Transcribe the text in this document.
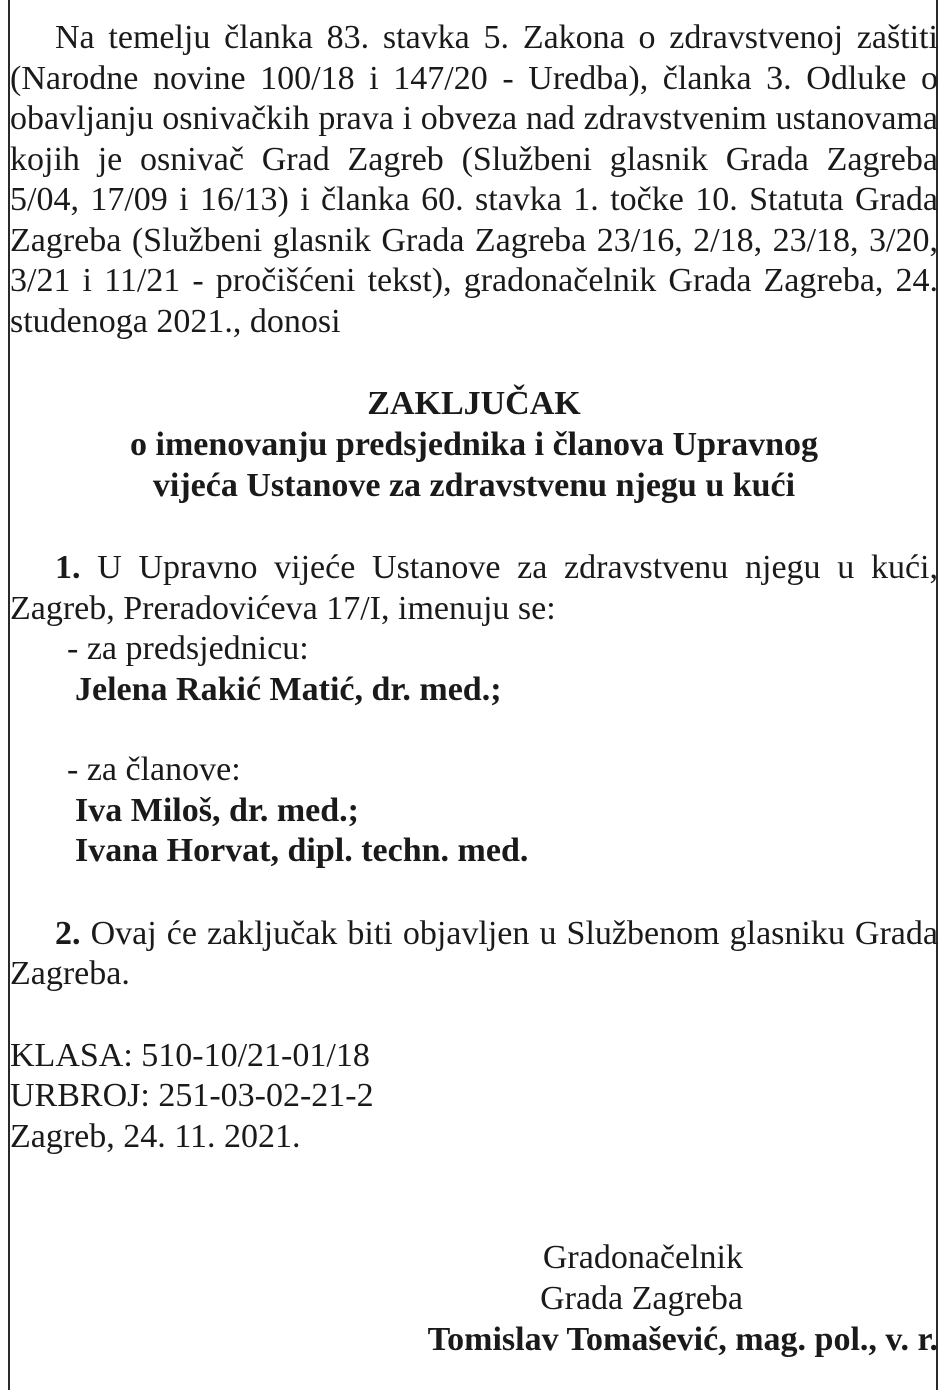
Na temelju članka 83. stavka 5. Zakona o zdravstvenoj zaštiti (Narodne novine 100/18 i 147/20 - Uredba), članka 3. Odluke o obavljanju osnivačkih prava i obveza nad zdravstvenim ustanovama kojih je osnivač Grad Zagreb (Službeni glasnik Grada Zagreba 5/04, 17/09 i 16/13) i članka 60. stavka 1. točke 10. Statuta Grada Zagreba (Službeni glasnik Grada Zagreba 23/16, 2/18, 23/18, 3/20, 3/21 i 11/21 - pročišćeni tekst), gradonačelnik Grada Zagreba, 24. studenoga 2021., donosi

ZAKLJUČAK
o imenovanju predsjednika i članova Upravnog
vijeća Ustanove za zdravstvenu njegu u kući
1. U Upravno vijeće Ustanove za zdravstvenu njegu u kući, Zagreb, Preradovićeva 17/I, imenuju se:
- za predsjednicu:
Jelena Rakić Matić, dr. med.;
- za članove:
Iva Miloš, dr. med.;
Ivana Horvat, dipl. techn. med.
2. Ovaj će zaključak biti objavljen u Službenom glasniku Grada Zagreba.
KLASA: 510-10/21-01/18
URBROJ: 251-03-02-21-2
Zagreb, 24. 11. 2021.
Gradonačelnik
Grada Zagreba
Tomislav Tomašević, mag. pol., v. r.
